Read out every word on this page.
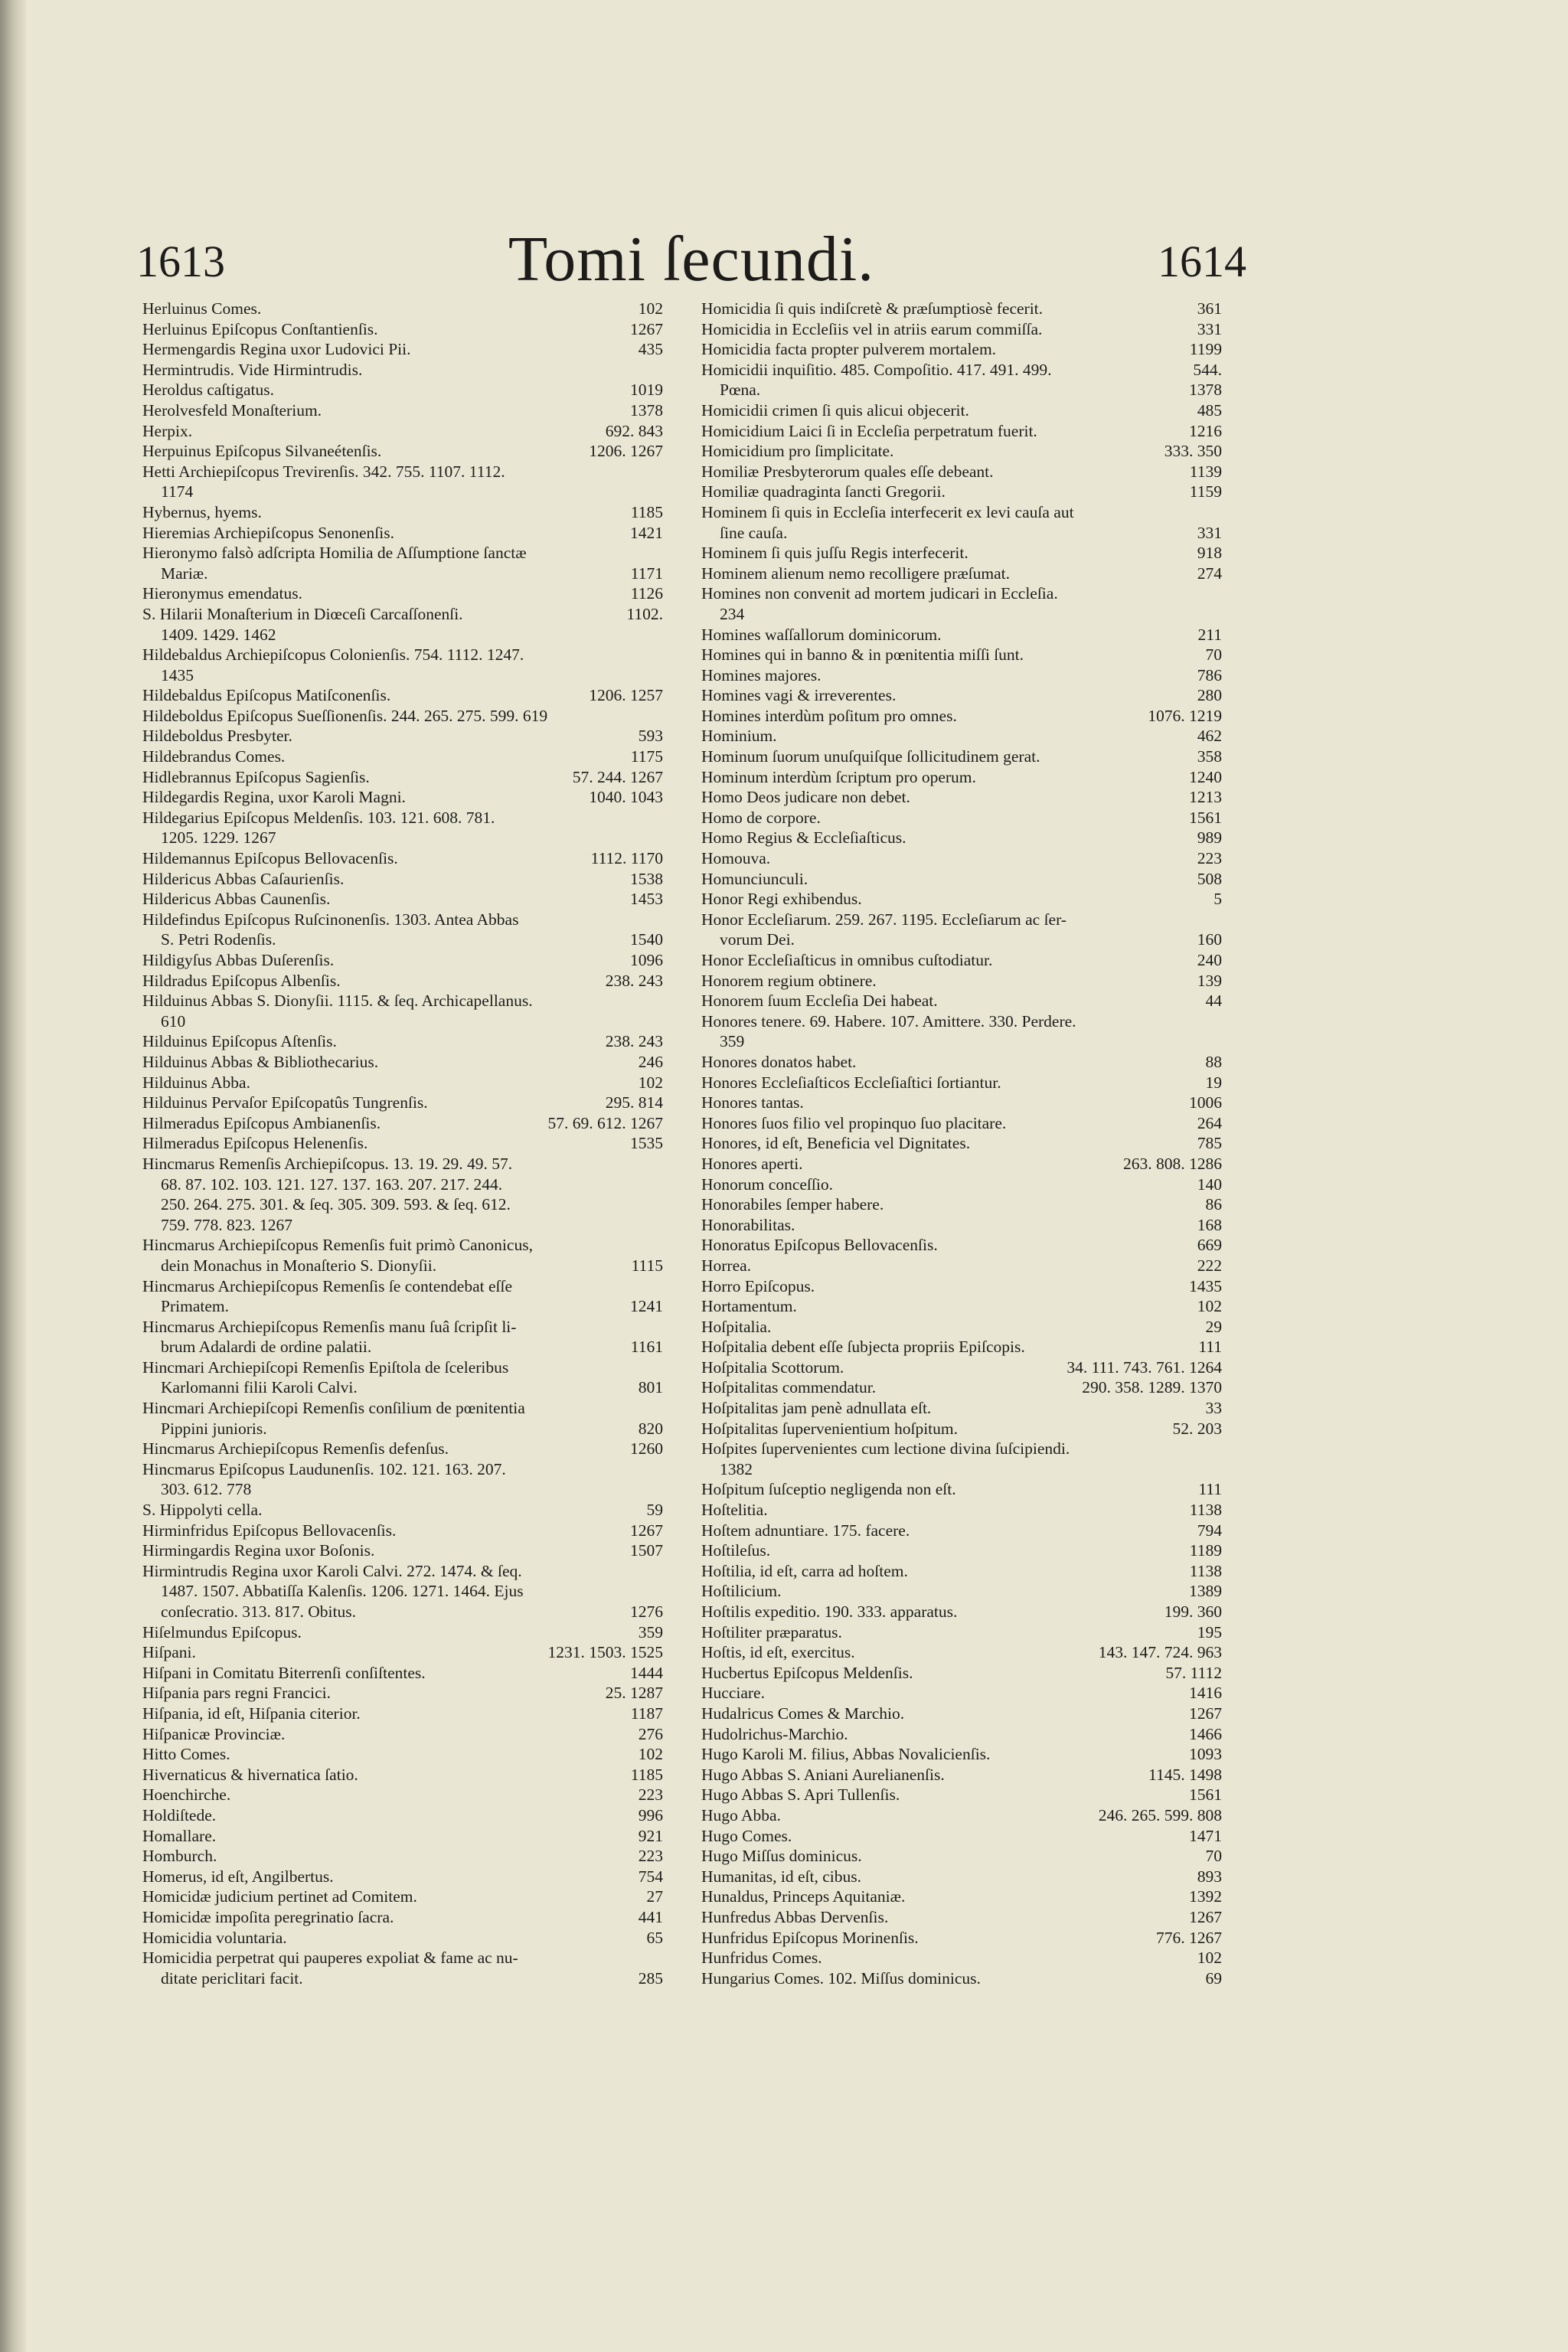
1613	Tomi ſecundi.	1614
Herluinus Comes.	102
Herluinus Epiſcopus Conſtantienſis.	1267
Hermengardis Regina uxor Ludovici Pii.	435
Hermintrudis. Vide Hirmintrudis.
Heroldus caſtigatus.	1019
Herolvesfeld Monaſterium.	1378
Herpix.	692. 843
Herpuinus Epiſcopus Silvaneétenſis.	1206. 1267
Hetti Archiepiſcopus Trevirenſis. 342. 755. 1107. 1112.
1174
Hybernus, hyems.	1185
Hieremias Archiepiſcopus Senonenſis.	1421
Hieronymo falsò adſcripta Homilia de Aſſumptione ſanctæ
Mariæ.	1171
Hieronymus emendatus.	1126
S. Hilarii Monaſterium in Diœceſi Carcaſſonenſi.	1102.
1409. 1429. 1462
Hildebaldus Archiepiſcopus Colonienſis. 754. 1112. 1247.
1435
Hildebaldus Epiſcopus Matiſconenſis.	1206. 1257
Hildeboldus Epiſcopus Sueſſionenſis. 244. 265. 275. 599. 619
Hildeboldus Presbyter.	593
Hildebrandus Comes.	1175
Hidlebrannus Epiſcopus Sagienſis.	57. 244. 1267
Hildegardis Regina, uxor Karoli Magni.	1040. 1043
Hildegarius Epiſcopus Meldenſis. 103. 121. 608. 781.
1205. 1229. 1267
Hildemannus Epiſcopus Bellovacenſis.	1112. 1170
Hildericus Abbas Caſaurienſis.	1538
Hildericus Abbas Caunenſis.	1453
Hildefindus Epiſcopus Ruſcinonenſis. 1303. Antea Abbas
S. Petri Rodenſis.	1540
Hildigyſus Abbas Duſerenſis.	1096
Hildradus Epiſcopus Albenſis.	238. 243
Hilduinus Abbas S. Dionyſii. 1115. & ſeq. Archicapellanus.
610
Hilduinus Epiſcopus Aſtenſis.	238. 243
Hilduinus Abbas & Bibliothecarius.	246
Hilduinus Abba.	102
Hilduinus Pervaſor Epiſcopatûs Tungrenſis.	295. 814
Hilmeradus Epiſcopus Ambianenſis.	57. 69. 612. 1267
Hilmeradus Epiſcopus Helenenſis.	1535
Hincmarus Remenſis Archiepiſcopus. 13. 19. 29. 49. 57.
68. 87. 102. 103. 121. 127. 137. 163. 207. 217. 244.
250. 264. 275. 301. & ſeq. 305. 309. 593. & ſeq. 612.
759. 778. 823. 1267
Hincmarus Archiepiſcopus Remenſis fuit primò Canonicus,
dein Monachus in Monaſterio S. Dionyſii.	1115
Hincmarus Archiepiſcopus Remenſis ſe contendebat eſſe
Primatem.	1241
Hincmarus Archiepiſcopus Remenſis manu ſuâ ſcripſit li-
brum Adalardi de ordine palatii.	1161
Hincmari Archiepiſcopi Remenſis Epiſtola de ſceleribus
Karlomanni filii Karoli Calvi.	801
Hincmari Archiepiſcopi Remenſis conſilium de pœnitentia
Pippini junioris.	820
Hincmarus Archiepiſcopus Remenſis defenſus.	1260
Hincmarus Epiſcopus Laudunenſis. 102. 121. 163. 207.
303. 612. 778
S. Hippolyti cella.	59
Hirminfridus Epiſcopus Bellovacenſis.	1267
Hirmingardis Regina uxor Boſonis.	1507
Hirmintrudis Regina uxor Karoli Calvi. 272. 1474. & ſeq.
1487. 1507. Abbatiſſa Kalenſis. 1206. 1271. 1464. Ejus
conſecratio. 313. 817. Obitus.	1276
Hiſelmundus Epiſcopus.	359
Hiſpani.	1231. 1503. 1525
Hiſpani in Comitatu Biterrenſi conſiſtentes.	1444
Hiſpania pars regni Francici.	25. 1287
Hiſpania, id eſt, Hiſpania citerior.	1187
Hiſpanicæ Provinciæ.	276
Hitto Comes.	102
Hivernaticus & hivernatica ſatio.	1185
Hoenchirche.	223
Holdiſtede.	996
Homallare.	921
Homburch.	223
Homerus, id eſt, Angilbertus.	754
Homicidæ judicium pertinet ad Comitem.	27
Homicidæ impoſita peregrinatio ſacra.	441
Homicidia voluntaria.	65
Homicidia perpetrat qui pauperes expoliat & fame ac nu-
ditate periclitari facit.	285
Homicidia ſi quis indiſcretè & præſumptiosè fecerit.	361
Homicidia in Eccleſiis vel in atriis earum commiſſa.	331
Homicidia facta propter pulverem mortalem.	1199
Homicidii inquiſitio. 485. Compoſitio. 417. 491. 499.	544.
Pœna.	1378
Homicidii crimen ſi quis alicui objecerit.	485
Homicidium Laici ſi in Eccleſia perpetratum fuerit.	1216
Homicidium pro ſimplicitate.	333. 350
Homiliæ Presbyterorum quales eſſe debeant.	1139
Homiliæ quadraginta ſancti Gregorii.	1159
Hominem ſi quis in Eccleſia interfecerit ex levi cauſa aut
ſine cauſa.	331
Hominem ſi quis juſſu Regis interfecerit.	918
Hominem alienum nemo recolligere præſumat.	274
Homines non convenit ad mortem judicari in Eccleſia.
234
Homines waſſallorum dominicorum.	211
Homines qui in banno & in pœnitentia miſſi ſunt.	70
Homines majores.	786
Homines vagi & irreverentes.	280
Homines interdùm poſitum pro omnes.	1076. 1219
Hominium.	462
Hominum ſuorum unuſquiſque ſollicitudinem gerat.	358
Hominum interdùm ſcriptum pro operum.	1240
Homo Deos judicare non debet.	1213
Homo de corpore.	1561
Homo Regius & Eccleſiaſticus.	989
Homouva.	223
Homunciunculi.	508
Honor Regi exhibendus.	5
Honor Eccleſiarum. 259. 267. 1195. Eccleſiarum ac ſer-
vorum Dei.	160
Honor Eccleſiaſticus in omnibus cuſtodiatur.	240
Honorem regium obtinere.	139
Honorem ſuum Eccleſia Dei habeat.	44
Honores tenere. 69. Habere. 107. Amittere. 330. Perdere.
359
Honores donatos habet.	88
Honores Eccleſiaſticos Eccleſiaſtici ſortiantur.	19
Honores tantas.	1006
Honores ſuos filio vel propinquo ſuo placitare.	264
Honores, id eſt, Beneficia vel Dignitates.	785
Honores aperti.	263. 808. 1286
Honorum conceſſio.	140
Honorabiles ſemper habere.	86
Honorabilitas.	168
Honoratus Epiſcopus Bellovacenſis.	669
Horrea.	222
Horro Epiſcopus.	1435
Hortamentum.	102
Hoſpitalia.	29
Hoſpitalia debent eſſe ſubjecta propriis Epiſcopis.	111
Hoſpitalia Scottorum.	34. 111. 743. 761. 1264
Hoſpitalitas commendatur.	290. 358. 1289. 1370
Hoſpitalitas jam penè adnullata eſt.	33
Hoſpitalitas ſupervenientium hoſpitum.	52. 203
Hoſpites ſupervenientes cum lectione divina ſuſcipiendi.
1382
Hoſpitum ſuſceptio negligenda non eſt.	111
Hoſtelitia.	1138
Hoſtem adnuntiare. 175. facere.	794
Hoſtileſus.	1189
Hoſtilia, id eſt, carra ad hoſtem.	1138
Hoſtilicium.	1389
Hoſtilis expeditio. 190. 333. apparatus.	199. 360
Hoſtiliter præparatus.	195
Hoſtis, id eſt, exercitus.	143. 147. 724. 963
Hucbertus Epiſcopus Meldenſis.	57. 1112
Hucciare.	1416
Hudalricus Comes & Marchio.	1267
Hudolrichus-Marchio.	1466
Hugo Karoli M. filius, Abbas Novalicienſis.	1093
Hugo Abbas S. Aniani Aurelianenſis.	1145. 1498
Hugo Abbas S. Apri Tullenſis.	1561
Hugo Abba.	246. 265. 599. 808
Hugo Comes.	1471
Hugo Miſſus dominicus.	70
Humanitas, id eſt, cibus.	893
Hunaldus, Princeps Aquitaniæ.	1392
Hunfredus Abbas Dervenſis.	1267
Hunfridus Epiſcopus Morinenſis.	776. 1267
Hunfridus Comes.	102
Hungarius Comes. 102. Miſſus dominicus.	69
